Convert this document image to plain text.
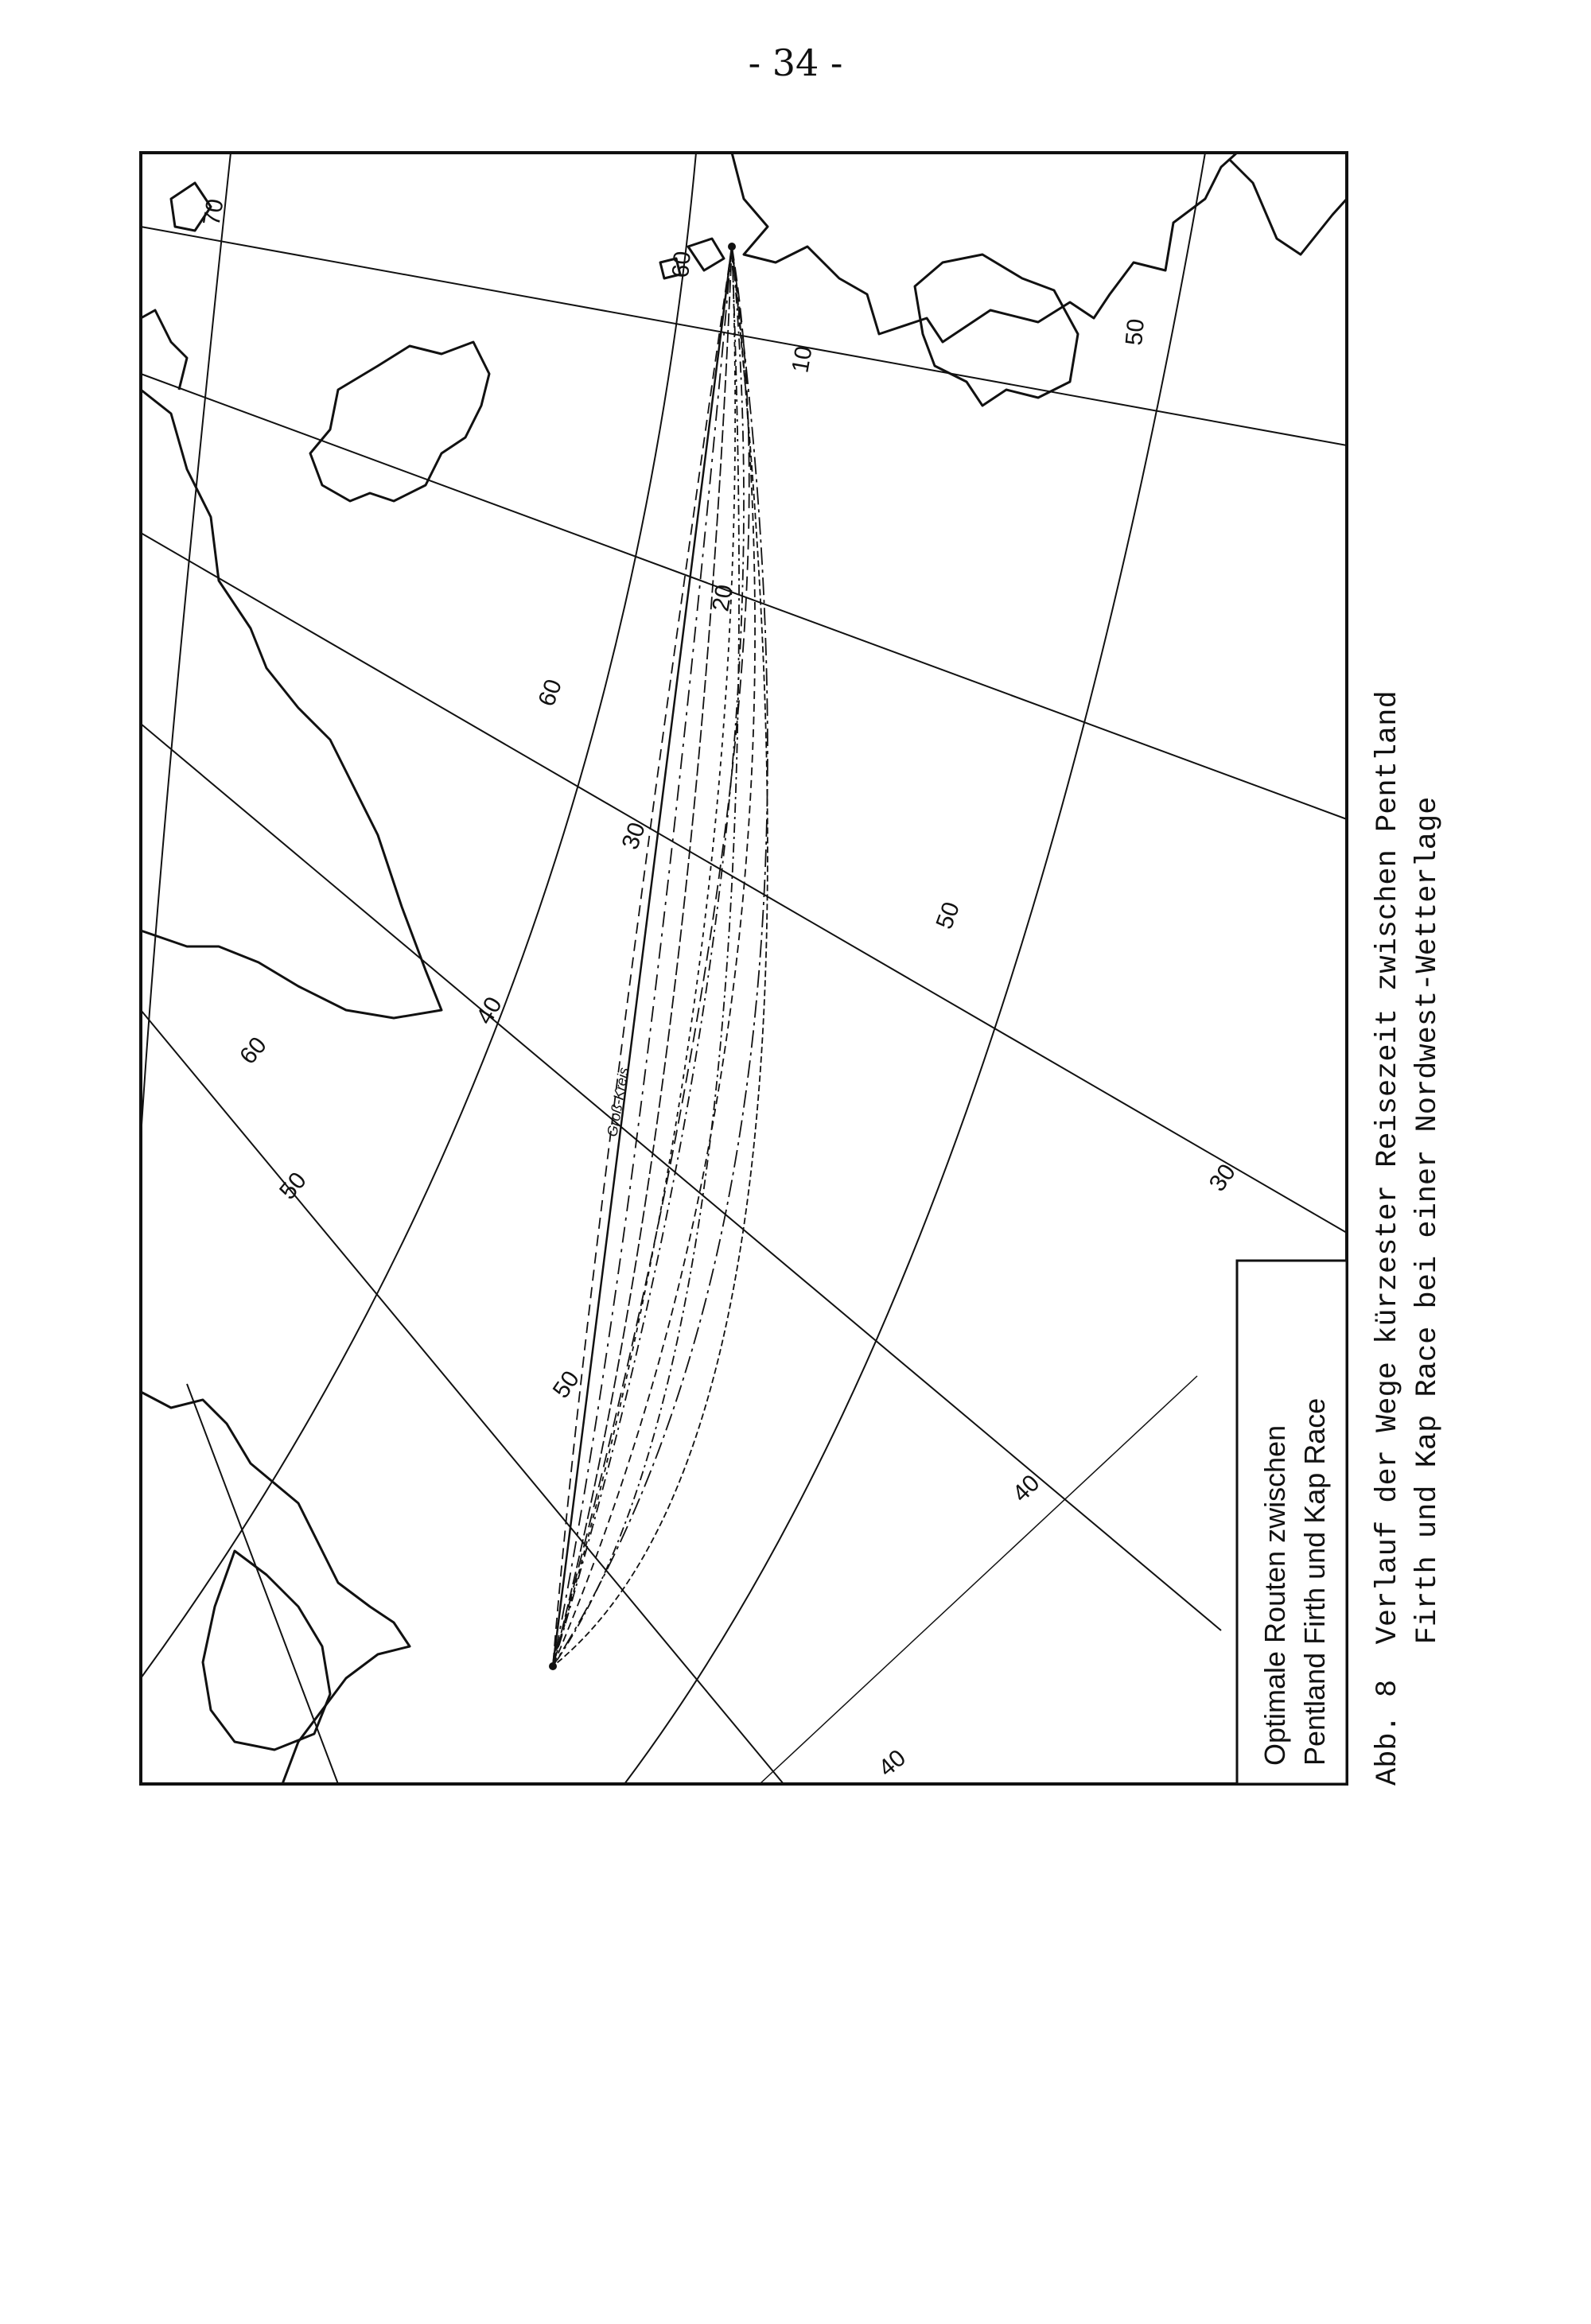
- 34 -
Groß-Kreis
10
20
30
40
50	30
40
40
70
60
60
60
50
50
50
Optimale Routen zwischen Pentland Firth und Kap Race Abb. 8  Verlauf der Wege kürzester Reisezeit zwischen Pentland Firth und Kap Race bei einer Nordwest-Wetterlage
